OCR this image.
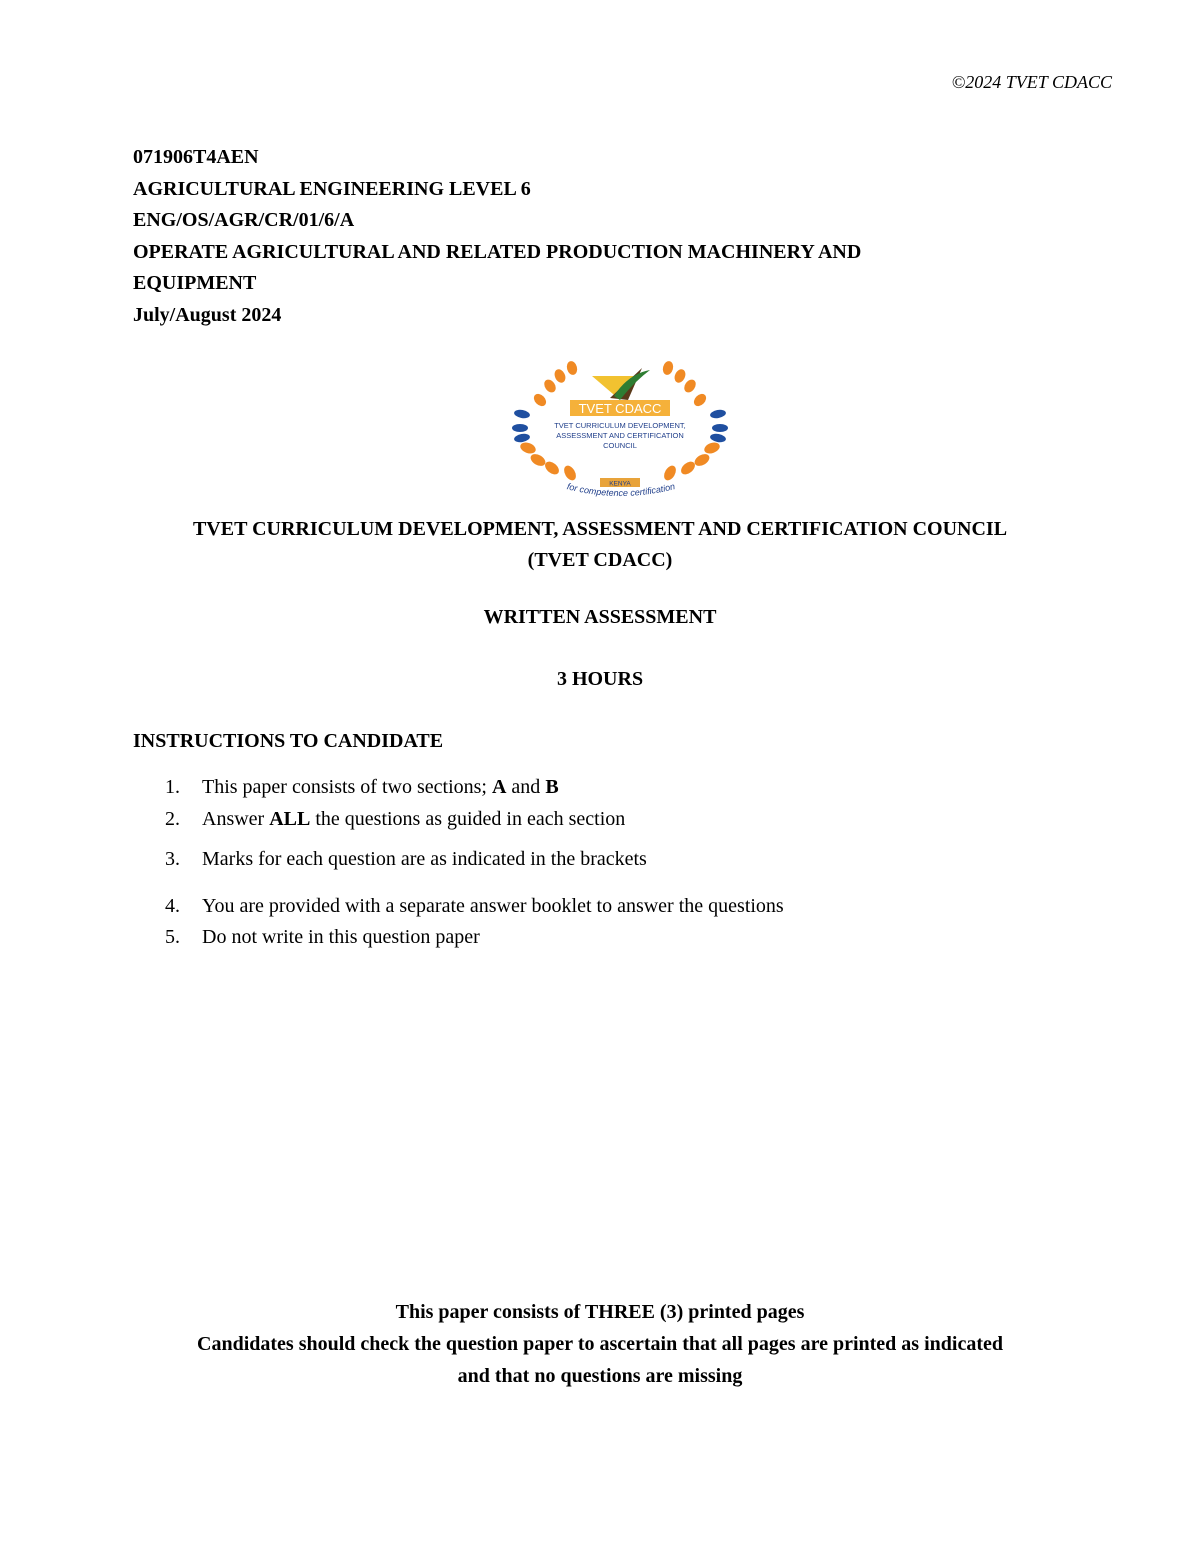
©2024 TVET CDACC
071906T4AEN
AGRICULTURAL ENGINEERING LEVEL 6
ENG/OS/AGR/CR/01/6/A
OPERATE AGRICULTURAL AND RELATED PRODUCTION MACHINERY AND
EQUIPMENT
July/August 2024
TVET CDACC
TVET CURRICULUM DEVELOPMENT,
ASSESSMENT AND CERTIFICATION
COUNCIL
KENYA
for competence certification
TVET CURRICULUM DEVELOPMENT, ASSESSMENT AND CERTIFICATION COUNCIL
(TVET CDACC)
WRITTEN ASSESSMENT
3 HOURS
INSTRUCTIONS TO CANDIDATE
1. This paper consists of two sections; A and B
2. Answer ALL the questions as guided in each section
3. Marks for each question are as indicated in the brackets
4. You are provided with a separate answer booklet to answer the questions
5. Do not write in this question paper
This paper consists of THREE (3) printed pages
Candidates should check the question paper to ascertain that all pages are printed as indicated
and that no questions are missing
